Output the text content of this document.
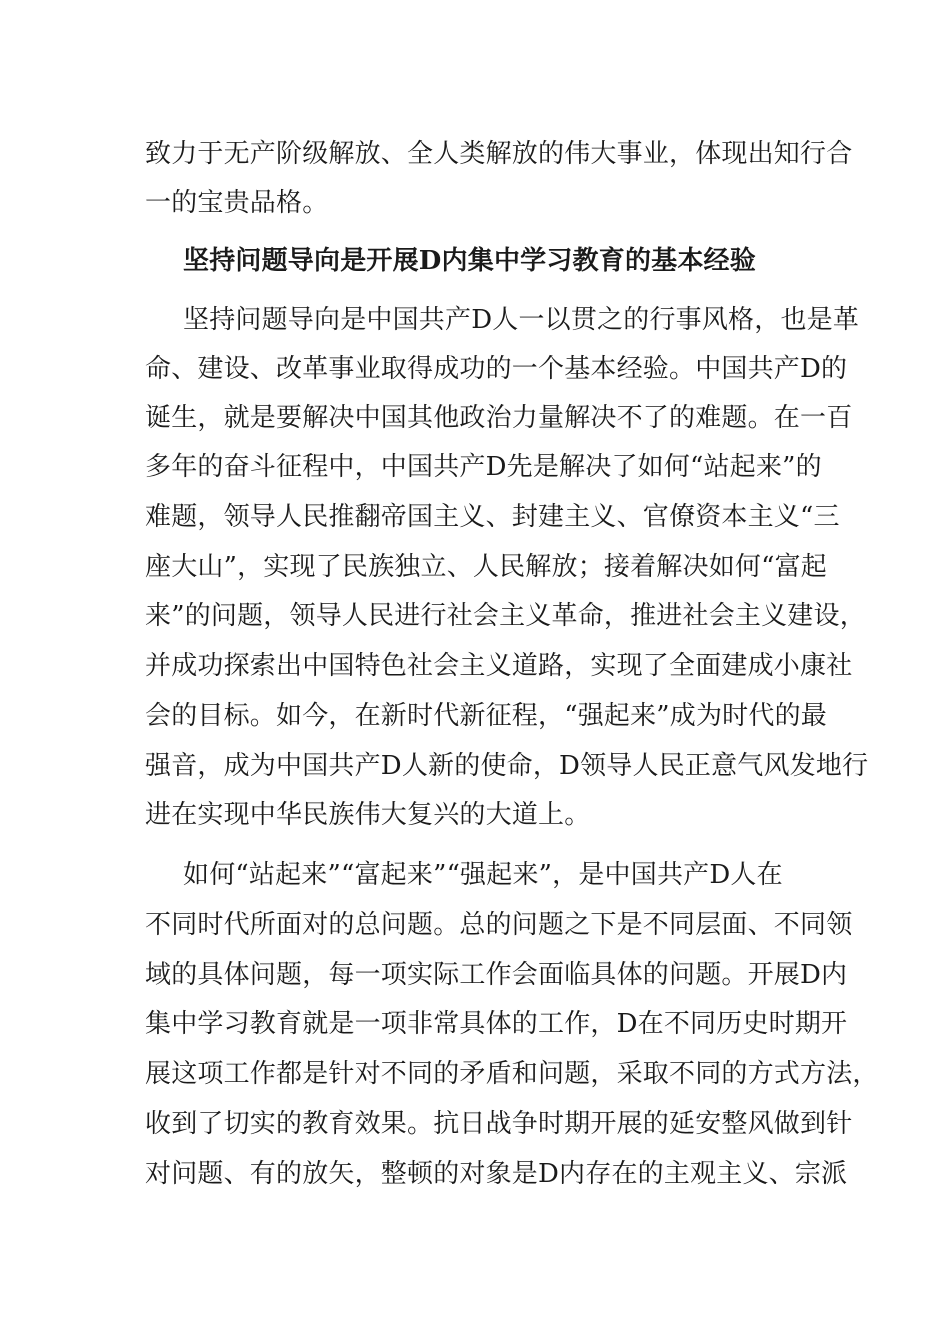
致力于无产阶级解放、全人类解放的伟大事业，体现出知行合
一的宝贵品格。
坚持问题导向是开展D内集中学习教育的基本经验
坚持问题导向是中国共产D人一以贯之的行事风格，也是革
命、建设、改革事业取得成功的一个基本经验。中国共产D的
诞生，就是要解决中国其他政治力量解决不了的难题。在一百
多年的奋斗征程中，中国共产D先是解决了如何“站起来”的
难题，领导人民推翻帝国主义、封建主义、官僚资本主义“三
座大山”，实现了民族独立、人民解放；接着解决如何“富起
来”的问题，领导人民进行社会主义革命，推进社会主义建设，
并成功探索出中国特色社会主义道路，实现了全面建成小康社
会的目标。如今，在新时代新征程，“强起来”成为时代的最
强音，成为中国共产D人新的使命，D领导人民正意气风发地行
进在实现中华民族伟大复兴的大道上。
如何“站起来”“富起来”“强起来”，是中国共产D人在
不同时代所面对的总问题。总的问题之下是不同层面、不同领
域的具体问题，每一项实际工作会面临具体的问题。开展D内
集中学习教育就是一项非常具体的工作，D在不同历史时期开
展这项工作都是针对不同的矛盾和问题，采取不同的方式方法，
收到了切实的教育效果。抗日战争时期开展的延安整风做到针
对问题、有的放矢，整顿的对象是D内存在的主观主义、宗派
